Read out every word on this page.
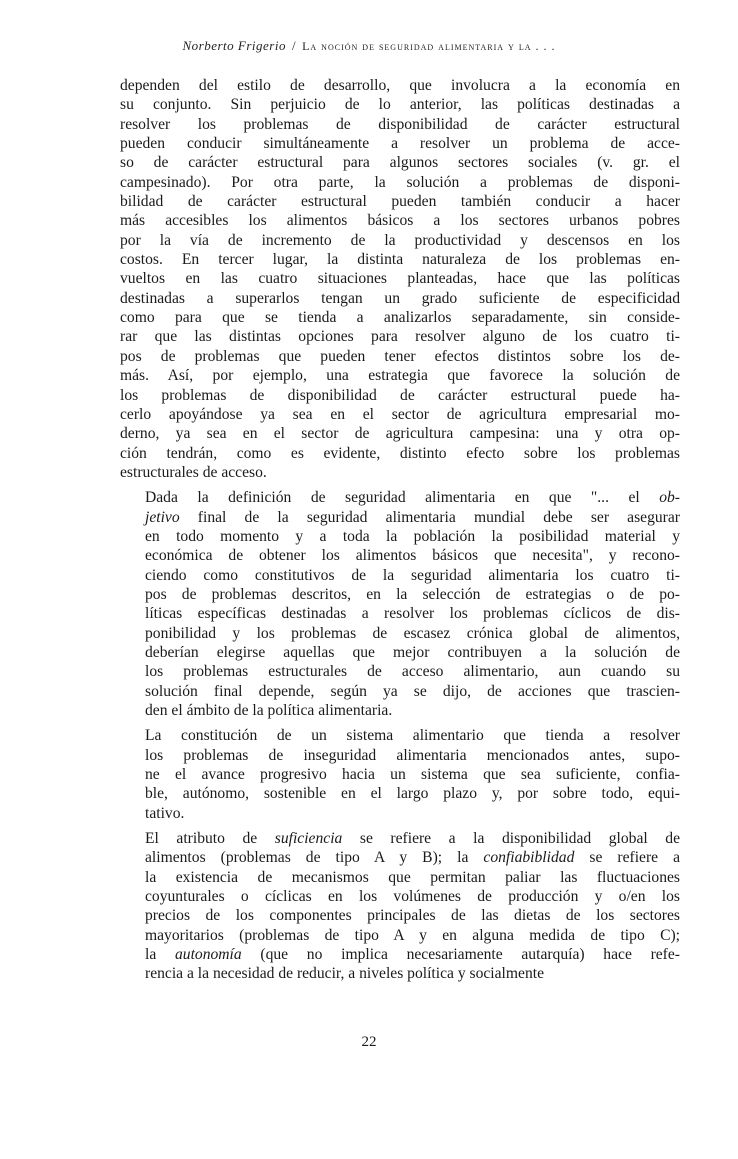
Norberto Frigerio / La noción de seguridad alimentaria y la . . .

dependen del estilo de desarrollo, que involucra a la economía en
su conjunto. Sin perjuicio de lo anterior, las políticas destinadas a
resolver los problemas de disponibilidad de carácter estructural
pueden conducir simultáneamente a resolver un problema de acce-
so de carácter estructural para algunos sectores sociales (v. gr. el
campesinado). Por otra parte, la solución a problemas de disponi-
bilidad de carácter estructural pueden también conducir a hacer
más accesibles los alimentos básicos a los sectores urbanos pobres
por la vía de incremento de la productividad y descensos en los
costos. En tercer lugar, la distinta naturaleza de los problemas en-
vueltos en las cuatro situaciones planteadas, hace que las políticas
destinadas a superarlos tengan un grado suficiente de especificidad
como para que se tienda a analizarlos separadamente, sin conside-
rar que las distintas opciones para resolver alguno de los cuatro ti-
pos de problemas que pueden tener efectos distintos sobre los de-
más. Así, por ejemplo, una estrategia que favorece la solución de
los problemas de disponibilidad de carácter estructural puede ha-
cerlo apoyándose ya sea en el sector de agricultura empresarial mo-
derno, ya sea en el sector de agricultura campesina: una y otra op-
ción tendrán, como es evidente, distinto efecto sobre los problemas
estructurales de acceso.

Dada la definición de seguridad alimentaria en que "... el ob-
jetivo final de la seguridad alimentaria mundial debe ser asegurar
en todo momento y a toda la población la posibilidad material y
económica de obtener los alimentos básicos que necesita", y recono-
ciendo como constitutivos de la seguridad alimentaria los cuatro ti-
pos de problemas descritos, en la selección de estrategias o de po-
líticas específicas destinadas a resolver los problemas cíclicos de dis-
ponibilidad y los problemas de escasez crónica global de alimentos,
deberían elegirse aquellas que mejor contribuyen a la solución de
los problemas estructurales de acceso alimentario, aun cuando su
solución final depende, según ya se dijo, de acciones que trascien-
den el ámbito de la política alimentaria.

La constitución de un sistema alimentario que tienda a resolver
los problemas de inseguridad alimentaria mencionados antes, supo-
ne el avance progresivo hacia un sistema que sea suficiente, confia-
ble, autónomo, sostenible en el largo plazo y, por sobre todo, equi-
tativo.

El atributo de suficiencia se refiere a la disponibilidad global de
alimentos (problemas de tipo A y B); la confiabiblidad se refiere a
la existencia de mecanismos que permitan paliar las fluctuaciones
coyunturales o cíclicas en los volúmenes de producción y o/en los
precios de los componentes principales de las dietas de los sectores
mayoritarios (problemas de tipo A y en alguna medida de tipo C);
la autonomía (que no implica necesariamente autarquía) hace refe-
rencia a la necesidad de reducir, a niveles política y socialmente

22
